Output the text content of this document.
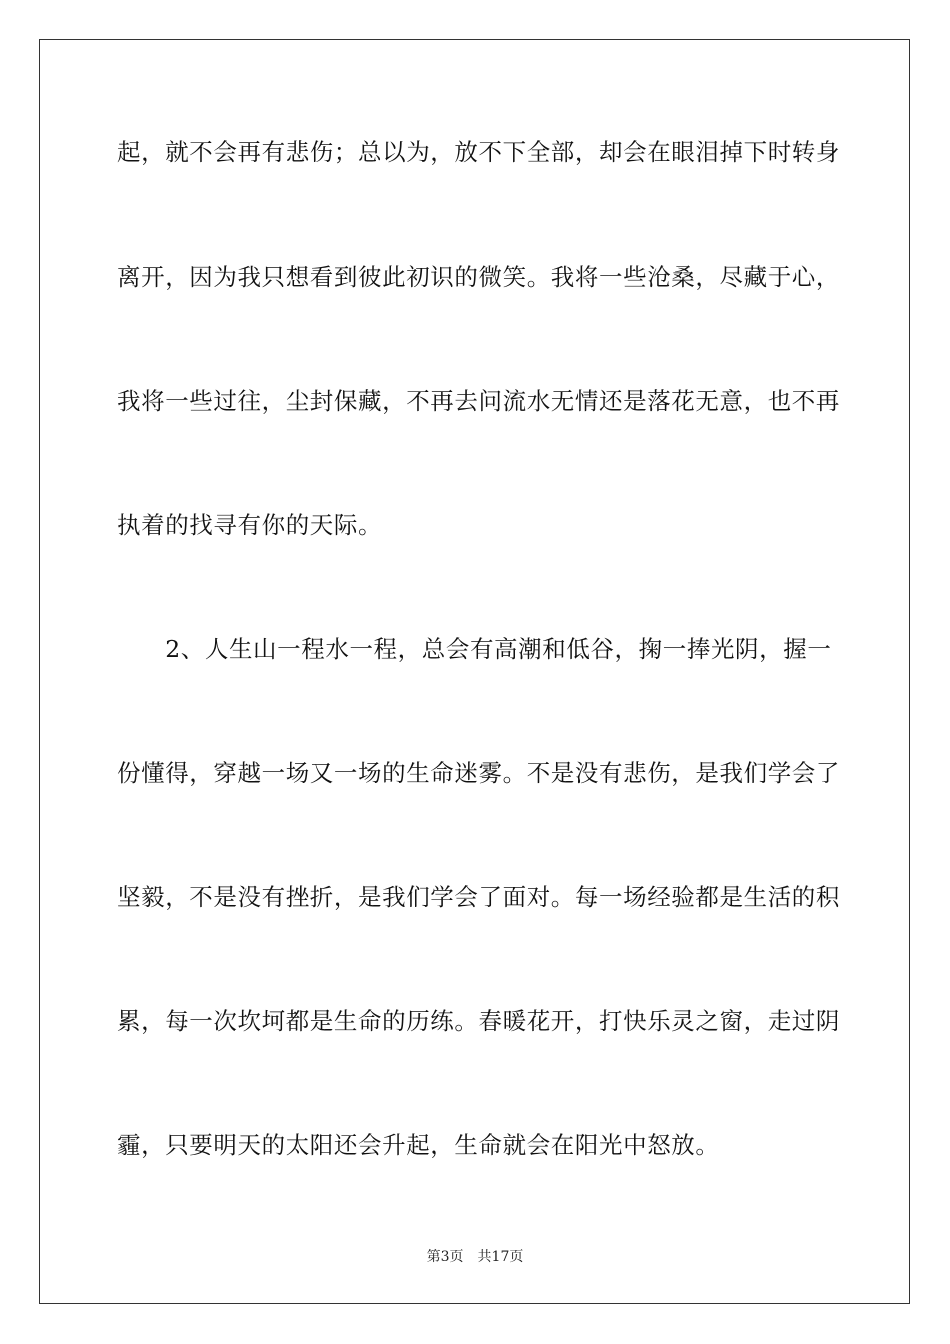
起，就不会再有悲伤；总以为，放不下全部，却会在眼泪掉下时转身
离开，因为我只想看到彼此初识的微笑。我将一些沧桑，尽藏于心，
我将一些过往，尘封保藏，不再去问流水无情还是落花无意，也不再
执着的找寻有你的天际。
　　2、人生山一程水一程，总会有高潮和低谷，掬一捧光阴，握一
份懂得，穿越一场又一场的生命迷雾。不是没有悲伤，是我们学会了
坚毅，不是没有挫折，是我们学会了面对。每一场经验都是生活的积
累，每一次坎坷都是生命的历练。春暖花开，打快乐灵之窗，走过阴
霾，只要明天的太阳还会升起，生命就会在阳光中怒放。
第3页 共17页
